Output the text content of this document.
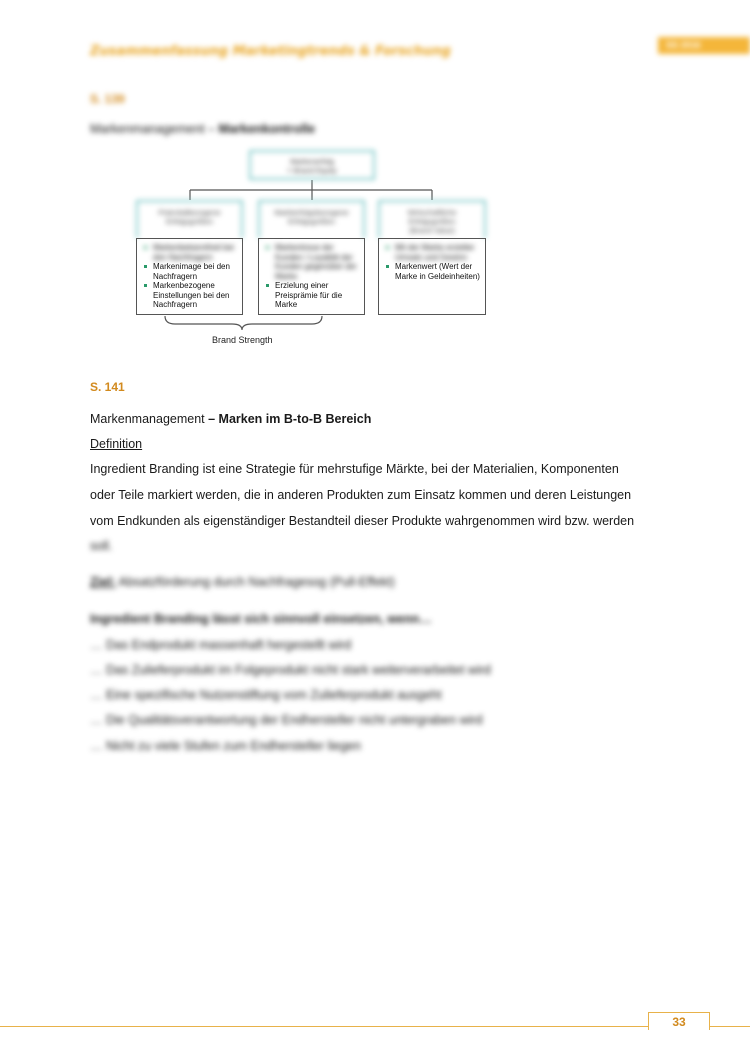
Zusammenfassung Marketingtrends & Forschung	SS 2016
S. 139
Markenmanagement – Markenkontrolle
Markenerfolg
= Brand Equity
Potentialbezogene
Erfolgsgrößen
Markterfolgsbezogene
Erfolgsgrößen
Wirtschaftliche
Erfolgsgrößen
(Brand Value)
Markenbekanntheit bei den Nachfragern
Markenimage bei den Nachfragern
Markenbezogene Einstellungen bei den Nachfragern
Markentreue der Kunden / Loyalität der Kunden gegenüber der Marke
Erzielung einer Preisprämie für die Marke
Mit der Marke erzielter Umsatz und Gewinn
Markenwert (Wert der Marke in Geldeinheiten)
Brand Strength
S. 141
Markenmanagement – Marken im B-to-B Bereich
Definition
Ingredient Branding ist eine Strategie für mehrstufige Märkte, bei der Materialien, Komponenten
oder Teile markiert werden, die in anderen Produkten zum Einsatz kommen und deren Leistungen
vom Endkunden als eigenständiger Bestandteil dieser Produkte wahrgenommen wird bzw. werden
soll.
Ziel: Absatzförderung durch Nachfragesog (Pull-Effekt)
Ingredient Branding lässt sich sinnvoll einsetzen, wenn…
… Das Endprodukt massenhaft hergestellt wird
… Das Zulieferprodukt im Folgeprodukt nicht stark weiterverarbeitet wird
… Eine spezifische Nutzenstiftung vom Zulieferprodukt ausgeht
… Die Qualitätsverantwortung der Endhersteller nicht untergraben wird
… Nicht zu viele Stufen zum Endhersteller liegen
33
